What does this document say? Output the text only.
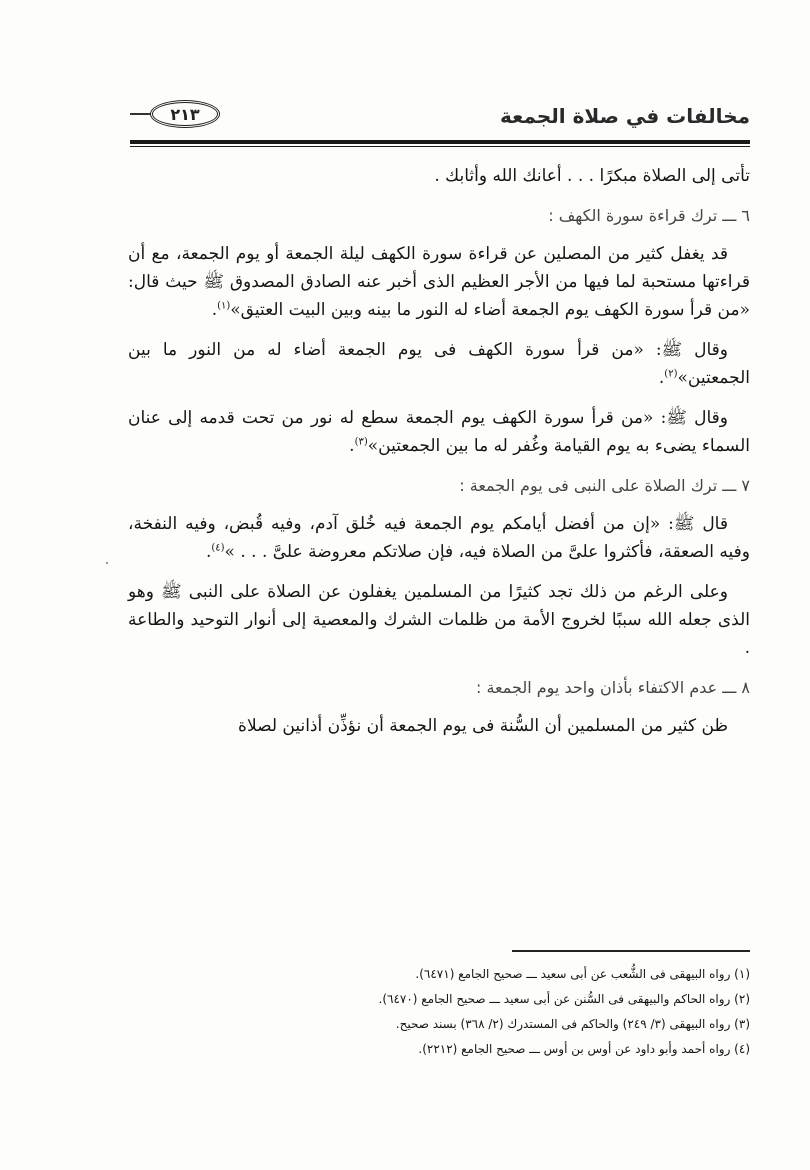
مخالفات في صلاة الجمعة
٢١٣

تأتى إلى الصلاة مبكرًا . . . أعانك الله وأثابك .

٦ ـــ ترك قراءة سورة الكهف :

قد يغفل كثير من المصلين عن قراءة سورة الكهف ليلة الجمعة أو يوم الجمعة، مع أن قراءتها مستحبة لما فيها من الأجر العظيم الذى أخبر عنه الصادق المصدوق ﷺ حيث قال: «من قرأ سورة الكهف يوم الجمعة أضاء له النور ما بينه وبين البيت العتيق»$^{(١)}$.

وقال ﷺ: «من قرأ سورة الكهف فى يوم الجمعة أضاء له من النور ما بين الجمعتين»$^{(٢)}$.

وقال ﷺ: «من قرأ سورة الكهف يوم الجمعة سطع له نور من تحت قدمه إلى عنان السماء يضىء به يوم القيامة وغُفر له ما بين الجمعتين»$^{(٣)}$.

٧ ـــ ترك الصلاة على النبى فى يوم الجمعة :

قال ﷺ: «إن من أفضل أيامكم يوم الجمعة فيه خُلق آدم، وفيه قُبض، وفيه النفخة، وفيه الصعقة، فأكثروا علىَّ من الصلاة فيه، فإن صلاتكم معروضة علىَّ . . . »$^{(٤)}$.

وعلى الرغم من ذلك تجد كثيرًا من المسلمين يغفلون عن الصلاة على النبى ﷺ وهو الذى جعله الله سببًا لخروج الأمة من ظلمات الشرك والمعصية إلى أنوار التوحيد والطاعة .

٨ ـــ عدم الاكتفاء بأذان واحد يوم الجمعة :

ظن كثير من المسلمين أن السُّنة فى يوم الجمعة أن نؤذِّن أذانين لصلاة

(١) رواه البيهقى فى الشُّعب عن أبى سعيد ـــ صحيح الجامع (٦٤٧١).
(٢) رواه الحاكم والبيهقى فى السُّنن عن أبى سعيد ـــ صحيح الجامع (٦٤٧٠).
(٣) رواه البيهقى (٣/ ٢٤٩) والحاكم فى المستدرك (٢/ ٣٦٨) بسند صحيح.
(٤) رواه أحمد وأبو داود عن أوس بن أوس ـــ صحيح الجامع (٢٢١٢).
